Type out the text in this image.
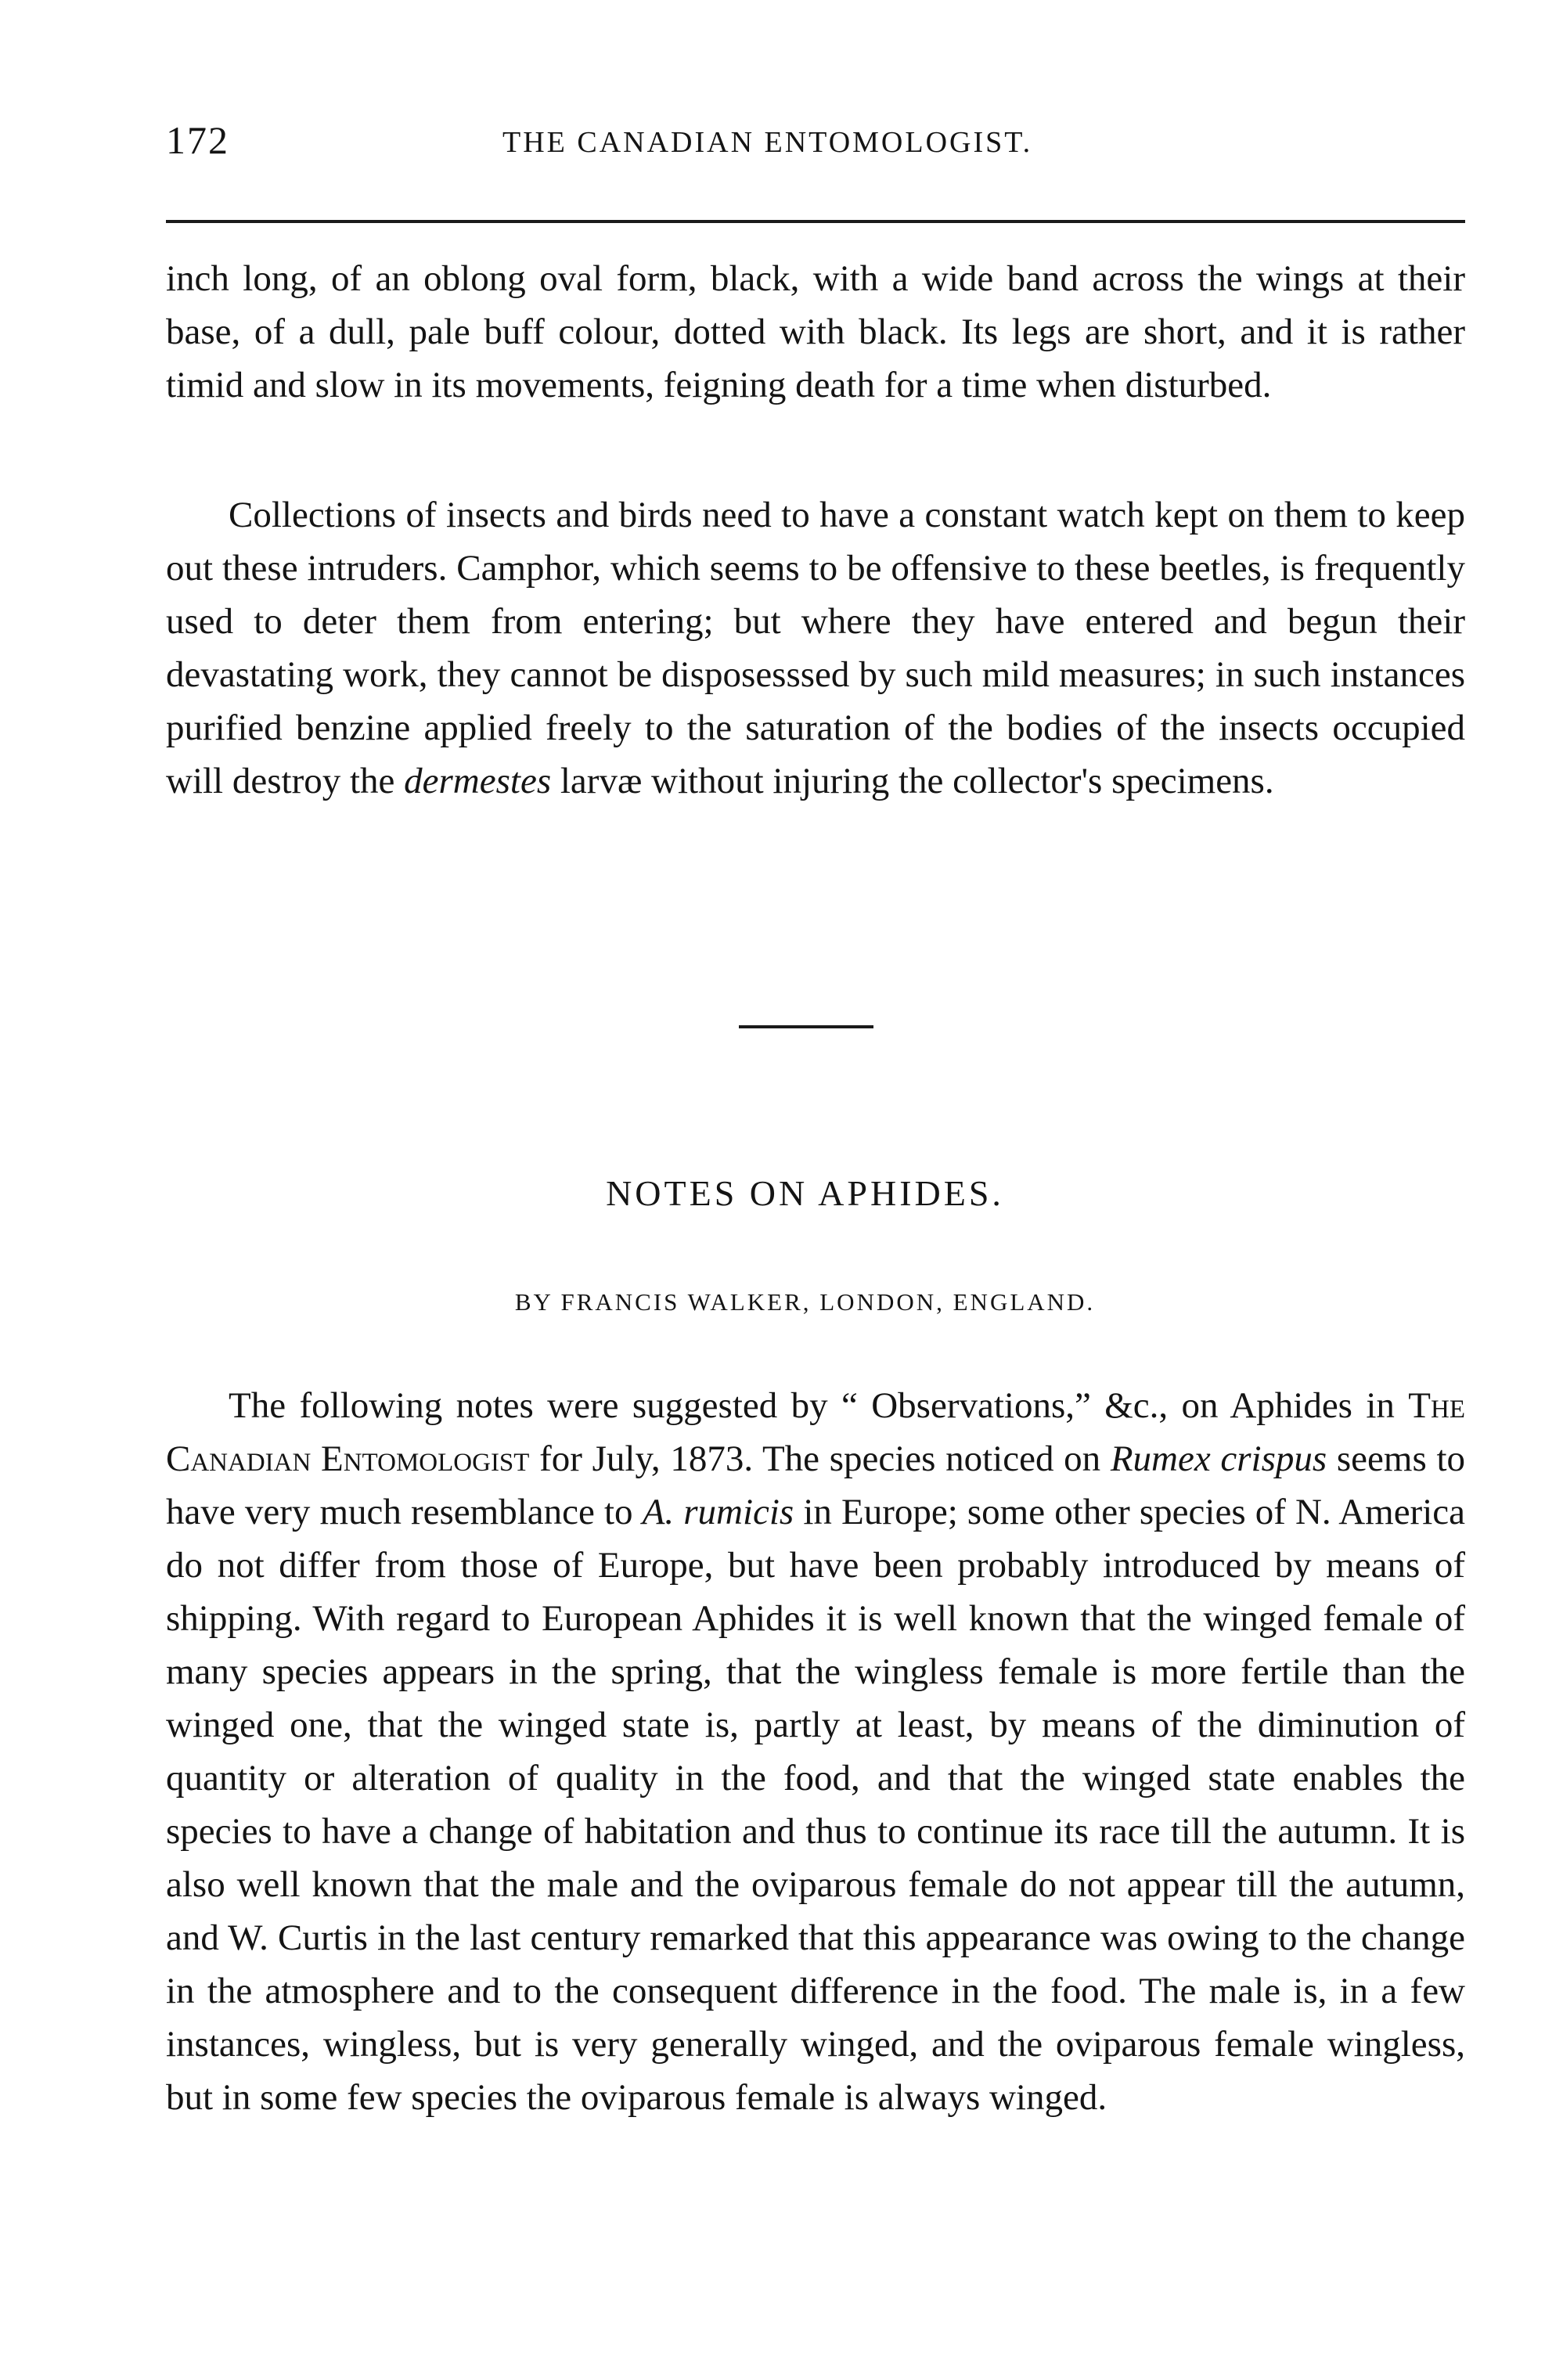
172	THE CANADIAN ENTOMOLOGIST.

inch long, of an oblong oval form, black, with a wide band across the wings at their base, of a dull, pale buff colour, dotted with black. Its legs are short, and it is rather timid and slow in its movements, feigning death for a time when disturbed.

Collections of insects and birds need to have a constant watch kept on them to keep out these intruders. Camphor, which seems to be offensive to these beetles, is frequently used to deter them from entering; but where they have entered and begun their devastating work, they cannot be disposesssed by such mild measures; in such instances purified benzine applied freely to the saturation of the bodies of the insects occupied will destroy the dermestes larvæ without injuring the collector's specimens.

NOTES ON APHIDES.
BY FRANCIS WALKER, LONDON, ENGLAND.

The following notes were suggested by “ Observations,” &c., on Aphides in The Canadian Entomologist for July, 1873. The species noticed on Rumex crispus seems to have very much resemblance to A. rumicis in Europe; some other species of N. America do not differ from those of Europe, but have been probably introduced by means of shipping. With regard to European Aphides it is well known that the winged female of many species appears in the spring, that the wingless female is more fertile than the winged one, that the winged state is, partly at least, by means of the diminution of quantity or alteration of quality in the food, and that the winged state enables the species to have a change of habitation and thus to continue its race till the autumn. It is also well known that the male and the oviparous female do not appear till the autumn, and W. Curtis in the last century remarked that this appearance was owing to the change in the atmosphere and to the consequent difference in the food. The male is, in a few instances, wingless, but is very generally winged, and the oviparous female wingless, but in some few species the oviparous female is always winged.
